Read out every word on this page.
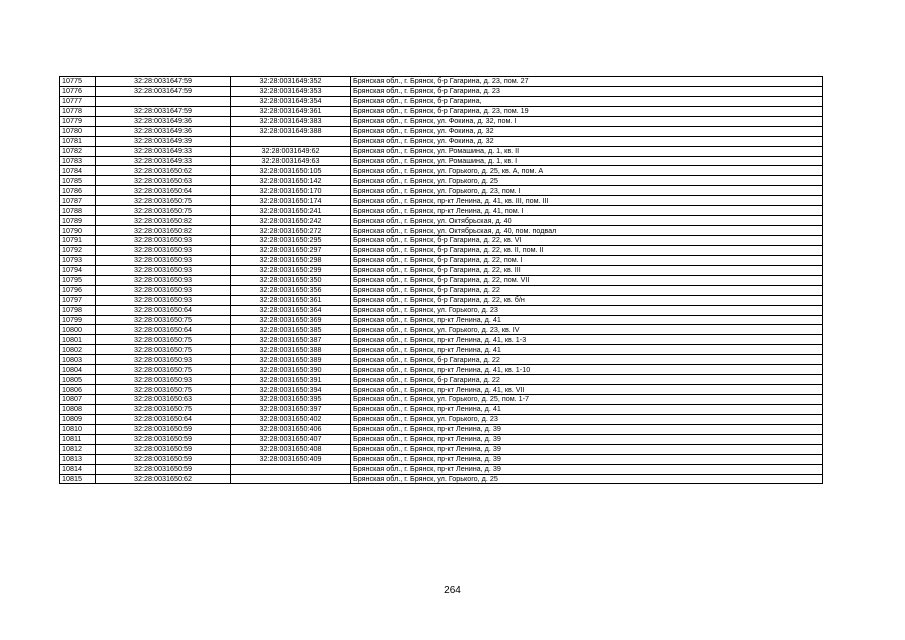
10775	32:28:0031647:59	32:28:0031649:352	Брянская обл., г. Брянск, б-р Гагарина, д. 23, пом. 27
10776	32:28:0031647:59	32:28:0031649:353	Брянская обл., г. Брянск, б-р Гагарина, д. 23
10777		32:28:0031649:354	Брянская обл., г. Брянск, б-р Гагарина,
10778	32:28:0031647:59	32:28:0031649:361	Брянская обл., г. Брянск, б-р Гагарина, д. 23, пом. 19
10779	32:28:0031649:36	32:28:0031649:383	Брянская обл., г. Брянск, ул. Фокина, д. 32, пом. I
10780	32:28:0031649:36	32:28:0031649:388	Брянская обл., г. Брянск, ул. Фокина, д. 32
10781	32:28:0031649:39		Брянская обл., г. Брянск, ул. Фокина, д. 32
10782	32:28:0031649:33	32:28:0031649:62	Брянская обл., г. Брянск, ул. Ромашина, д. 1, кв. II
10783	32:28:0031649:33	32:28:0031649:63	Брянская обл., г. Брянск, ул. Ромашина, д. 1, кв. I
10784	32:28:0031650:62	32:28:0031650:105	Брянская обл., г. Брянск, ул. Горького, д. 25, кв. А, пом. А
10785	32:28:0031650:63	32:28:0031650:142	Брянская обл., г. Брянск, ул. Горького, д. 25
10786	32:28:0031650:64	32:28:0031650:170	Брянская обл., г. Брянск, ул. Горького, д. 23, пом. I
10787	32:28:0031650:75	32:28:0031650:174	Брянская обл., г. Брянск, пр-кт Ленина, д. 41, кв. III, пом. III
10788	32:28:0031650:75	32:28:0031650:241	Брянская обл., г. Брянск, пр-кт Ленина, д. 41, пом. I
10789	32:28:0031650:82	32:28:0031650:242	Брянская обл., г. Брянск, ул. Октябрьская, д. 40
10790	32:28:0031650:82	32:28:0031650:272	Брянская обл., г. Брянск, ул. Октябрьская, д. 40, пом. подвал
10791	32:28:0031650:93	32:28:0031650:295	Брянская обл., г. Брянск, б-р Гагарина, д. 22, кв. VI
10792	32:28:0031650:93	32:28:0031650:297	Брянская обл., г. Брянск, б-р Гагарина, д. 22, кв. II, пом. II
10793	32:28:0031650:93	32:28:0031650:298	Брянская обл., г. Брянск, б-р Гагарина, д. 22, пом. I
10794	32:28:0031650:93	32:28:0031650:299	Брянская обл., г. Брянск, б-р Гагарина, д. 22, кв. III
10795	32:28:0031650:93	32:28:0031650:350	Брянская обл., г. Брянск, б-р Гагарина, д. 22, пом. VII
10796	32:28:0031650:93	32:28:0031650:356	Брянская обл., г. Брянск, б-р Гагарина, д. 22
10797	32:28:0031650:93	32:28:0031650:361	Брянская обл., г. Брянск, б-р Гагарина, д. 22, кв. б/н
10798	32:28:0031650:64	32:28:0031650:364	Брянская обл., г. Брянск, ул. Горького, д. 23
10799	32:28:0031650:75	32:28:0031650:369	Брянская обл., г. Брянск, пр-кт Ленина, д. 41
10800	32:28:0031650:64	32:28:0031650:385	Брянская обл., г. Брянск, ул. Горького, д. 23, кв. IV
10801	32:28:0031650:75	32:28:0031650:387	Брянская обл., г. Брянск, пр-кт Ленина, д. 41, кв. 1-3
10802	32:28:0031650:75	32:28:0031650:388	Брянская обл., г. Брянск, пр-кт Ленина, д. 41
10803	32:28:0031650:93	32:28:0031650:389	Брянская обл., г. Брянск, б-р Гагарина, д. 22
10804	32:28:0031650:75	32:28:0031650:390	Брянская обл., г. Брянск, пр-кт Ленина, д. 41, кв. 1-10
10805	32:28:0031650:93	32:28:0031650:391	Брянская обл., г. Брянск, б-р Гагарина, д. 22
10806	32:28:0031650:75	32:28:0031650:394	Брянская обл., г. Брянск, пр-кт Ленина, д. 41, кв. VII
10807	32:28:0031650:63	32:28:0031650:395	Брянская обл., г. Брянск, ул. Горького, д. 25, пом. 1-7
10808	32:28:0031650:75	32:28:0031650:397	Брянская обл., г. Брянск, пр-кт Ленина, д. 41
10809	32:28:0031650:64	32:28:0031650:402	Брянская обл., г. Брянск, ул. Горького, д. 23
10810	32:28:0031650:59	32:28:0031650:406	Брянская обл., г. Брянск, пр-кт Ленина, д. 39
10811	32:28:0031650:59	32:28:0031650:407	Брянская обл., г. Брянск, пр-кт Ленина, д. 39
10812	32:28:0031650:59	32:28:0031650:408	Брянская обл., г. Брянск, пр-кт Ленина, д. 39
10813	32:28:0031650:59	32:28:0031650:409	Брянская обл., г. Брянск, пр-кт Ленина, д. 39
10814	32:28:0031650:59		Брянская обл., г. Брянск, пр-кт Ленина, д. 39
10815	32:28:0031650:62		Брянская обл., г. Брянск, ул. Горького, д. 25
264
